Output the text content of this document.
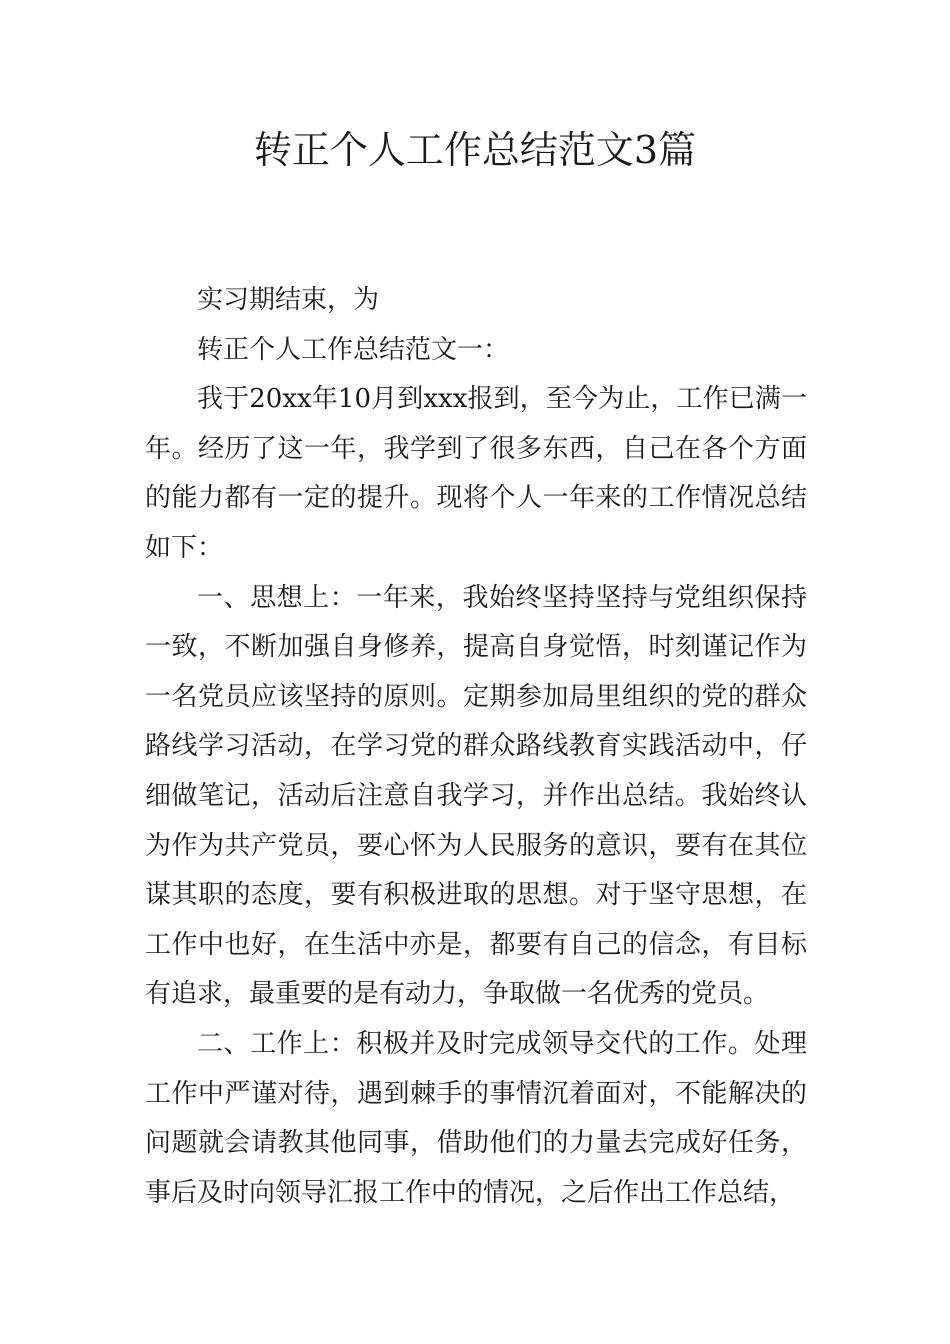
转正个人工作总结范文3篇

实习期结束，为

转正个人工作总结范文一：

我于20xx年10月到xxx报到，至今为止，工作已满一年。经历了这一年，我学到了很多东西，自己在各个方面的能力都有一定的提升。现将个人一年来的工作情况总结如下：

一、思想上：一年来，我始终坚持坚持与党组织保持一致，不断加强自身修养，提高自身觉悟，时刻谨记作为一名党员应该坚持的原则。定期参加局里组织的党的群众路线学习活动，在学习党的群众路线教育实践活动中，仔细做笔记，活动后注意自我学习，并作出总结。我始终认为作为共产党员，要心怀为人民服务的意识，要有在其位谋其职的态度，要有积极进取的思想。对于坚守思想，在工作中也好，在生活中亦是，都要有自己的信念，有目标有追求，最重要的是有动力，争取做一名优秀的党员。

二、工作上：积极并及时完成领导交代的工作。处理工作中严谨对待，遇到棘手的事情沉着面对，不能解决的问题就会请教其他同事，借助他们的力量去完成好任务，事后及时向领导汇报工作中的情况，之后作出工作总结，
